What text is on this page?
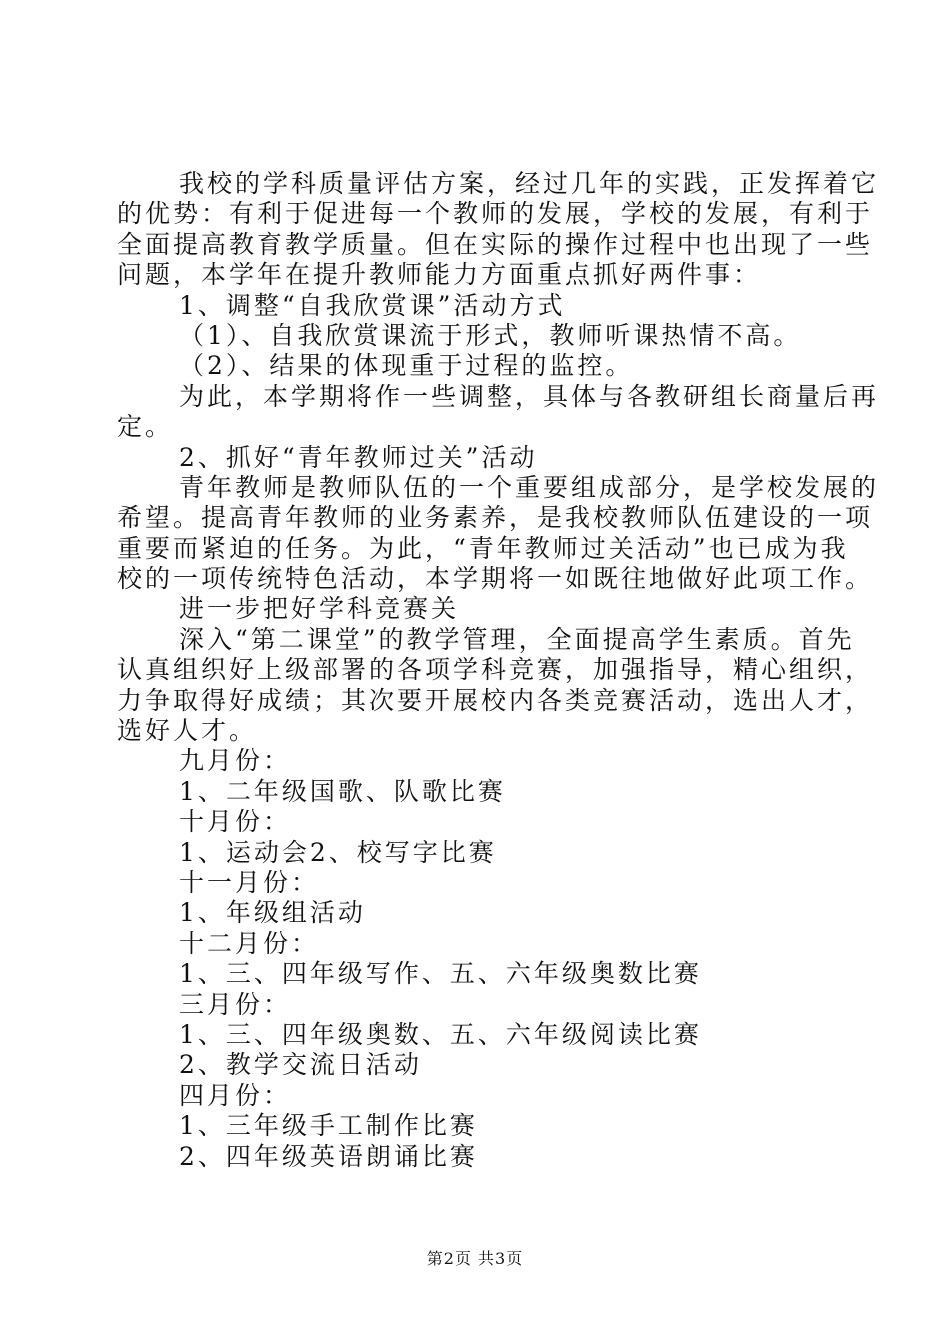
我校的学科质量评估方案，经过几年的实践，正发挥着它
的优势：有利于促进每一个教师的发展，学校的发展，有利于
全面提高教育教学质量。但在实际的操作过程中也出现了一些
问题，本学年在提升教师能力方面重点抓好两件事：
1、调整“自我欣赏课”活动方式
（1）、自我欣赏课流于形式，教师听课热情不高。
（2）、结果的体现重于过程的监控。
为此，本学期将作一些调整，具体与各教研组长商量后再
定。
2、抓好“青年教师过关”活动
青年教师是教师队伍的一个重要组成部分，是学校发展的
希望。提高青年教师的业务素养，是我校教师队伍建设的一项
重要而紧迫的任务。为此，“青年教师过关活动”也已成为我
校的一项传统特色活动，本学期将一如既往地做好此项工作。
进一步把好学科竞赛关
深入“第二课堂”的教学管理，全面提高学生素质。首先
认真组织好上级部署的各项学科竞赛，加强指导，精心组织，
力争取得好成绩；其次要开展校内各类竞赛活动，选出人才，
选好人才。
九月份：
1、二年级国歌、队歌比赛
十月份：
1、运动会2、校写字比赛
十一月份：
1、年级组活动
十二月份：
1、三、四年级写作、五、六年级奥数比赛
三月份：
1、三、四年级奥数、五、六年级阅读比赛
2、教学交流日活动
四月份：
1、三年级手工制作比赛
2、四年级英语朗诵比赛
第2页 共3页
